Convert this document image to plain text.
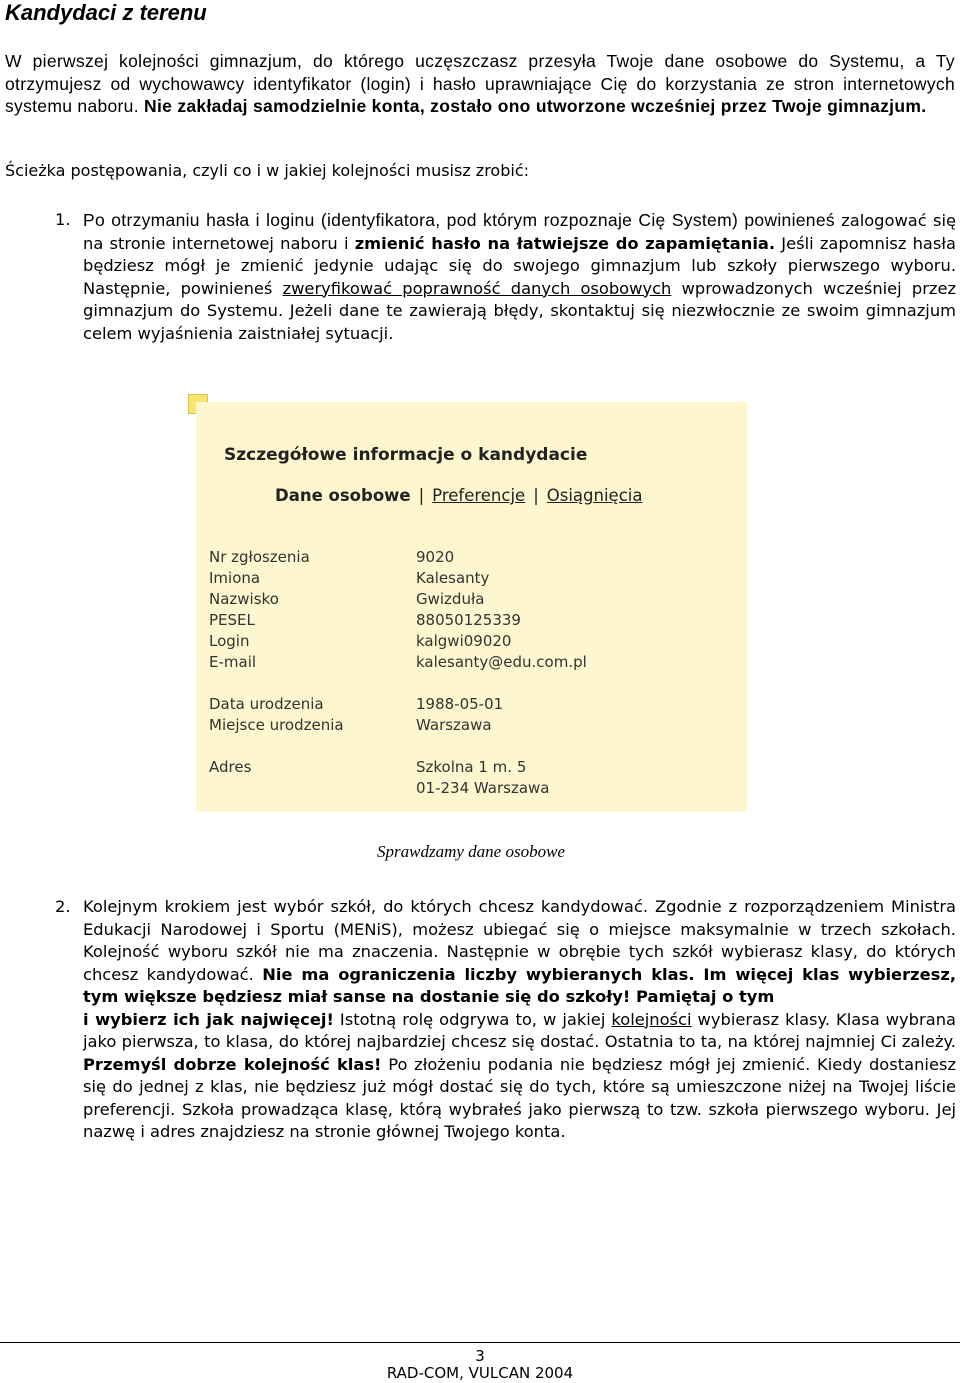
Kandydaci z terenu
W pierwszej kolejności gimnazjum, do którego uczęszczasz przesyła Twoje dane osobowe do Systemu, a Ty otrzymujesz od wychowawcy identyfikator (login) i hasło uprawniające Cię do korzystania ze stron internetowych systemu naboru. Nie zakładaj samodzielnie konta, zostało ono utworzone wcześniej przez Twoje gimnazjum.
Ścieżka postępowania, czyli co i w jakiej kolejności musisz zrobić:
1. Po otrzymaniu hasła i loginu (identyfikatora, pod którym rozpoznaje Cię System) powinieneś zalogować się na stronie internetowej naboru i zmienić hasło na łatwiejsze do zapamiętania. Jeśli zapomnisz hasła będziesz mógł je zmienić jedynie udając się do swojego gimnazjum lub szkoły pierwszego wyboru. Następnie, powinieneś zweryfikować poprawność danych osobowych wprowadzonych wcześniej przez gimnazjum do Systemu. Jeżeli dane te zawierają błędy, skontaktuj się niezwłocznie ze swoim gimnazjum celem wyjaśnienia zaistniałej sytuacji.
Szczegółowe informacje o kandydacie
Dane osobowe | Preferencje | Osiągnięcia
Nr zgłoszenia
Imiona
Nazwisko
PESEL
Login
E-mail
9020
Kalesanty
Gwizduła
88050125339
kalgwi09020
kalesanty@edu.com.pl
Data urodzenia
Miejsce urodzenia
1988-05-01
Warszawa
Adres	Szkolna 1 m. 5
01-234 Warszawa
Sprawdzamy dane osobowe
2. Kolejnym krokiem jest wybór szkół, do których chcesz kandydować. Zgodnie z rozporządzeniem Ministra Edukacji Narodowej i Sportu (MENiS), możesz ubiegać się o miejsce maksymalnie w trzech szkołach. Kolejność wyboru szkół nie ma znaczenia. Następnie w obrębie tych szkół wybierasz klasy, do których chcesz kandydować. Nie ma ograniczenia liczby wybieranych klas. Im więcej klas wybierzesz, tym większe będziesz miał sanse na dostanie się do szkoły! Pamiętaj o tym
i wybierz ich jak najwięcej! Istotną rolę odgrywa to, w jakiej kolejności wybierasz klasy. Klasa wybrana jako pierwsza, to klasa, do której najbardziej chcesz się dostać. Ostatnia to ta, na której najmniej Ci zależy. Przemyśl dobrze kolejność klas! Po złożeniu podania nie będziesz mógł jej zmienić. Kiedy dostaniesz się do jednej z klas, nie będziesz już mógł dostać się do tych, które są umieszczone niżej na Twojej liście preferencji. Szkoła prowadząca klasę, którą wybrałeś jako pierwszą to tzw. szkoła pierwszego wyboru. Jej nazwę i adres znajdziesz na stronie głównej Twojego konta.
3
RAD-COM, VULCAN 2004
